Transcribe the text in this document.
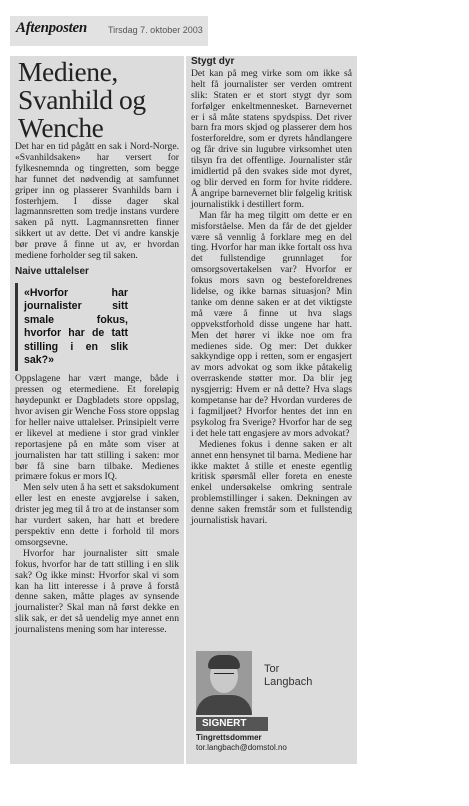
Aftenposten Tirsdag 7. oktober 2003
Mediene, Svanhild og Wenche

Det har en tid pågått en sak i Nord-Norge. «Svanhildsaken» har versert for fylkesnemnda og tingretten, som begge har funnet det nødvendig at samfunnet griper inn og plasserer Svanhilds barn i fosterhjem. I disse dager skal lagmannsretten som tredje instans vurdere saken på nytt. Lagmannsretten finner sikkert ut av dette. Det vi andre kanskje bør prøve å finne ut av, er hvordan mediene forholder seg til saken.

Naive uttalelser

«Hvorfor har journalister sitt smale fokus, hvorfor har de tatt stilling i en slik sak?»
Oppslagene har vært mange, både i pressen og etermediene. Et foreløpig høydepunkt er Dagbladets store oppslag, hvor avisen gir Wenche Foss store oppslag for heller naive uttalelser. Prinsipielt verre er likevel at mediene i stor grad vinkler reportasjene på en måte som viser at journalisten har tatt stilling i saken: mor bør få sine barn tilbake. Medienes primære fokus er mors IQ.

Men selv uten å ha sett et saksdokument eller lest en eneste avgjørelse i saken, drister jeg meg til å tro at de instanser som har vurdert saken, har hatt et bredere perspektiv enn dette i forhold til mors omsorgsevne.

Hvorfor har journalister sitt smale fokus, hvorfor har de tatt stilling i en slik sak? Og ikke minst: Hvorfor skal vi som kan ha litt interesse i å prøve å forstå denne saken, måtte plages av synsende journalister? Skal man nå først dekke en slik sak, er det så uendelig mye annet enn journalistens mening som har interesse.

Stygt dyr

Det kan på meg virke som om ikke så helt få journalister ser verden omtrent slik: Staten er et stort stygt dyr som forfølger enkeltmennesket. Barnevernet er i så måte statens spydspiss. Det river barn fra mors skjød og plasserer dem hos fosterforeldre, som er dyrets håndlangere og får drive sin lugubre virksomhet uten tilsyn fra det offentlige. Journalister står imidlertid på den svakes side mot dyret, og blir derved en form for hvite riddere. Å angripe barnevernet blir følgelig kritisk journalistikk i destillert form.

Man får ha meg tilgitt om dette er en misforståelse. Men da får de det gjelder være så vennlig å forklare meg en del ting. Hvorfor har man ikke fortalt oss hva det fullstendige grunnlaget for omsorgsovertakelsen var? Hvorfor er fokus mors savn og besteforeldrenes lidelse, og ikke barnas situasjon? Min tanke om denne saken er at det viktigste må være å finne ut hva slags oppvekstforhold disse ungene har hatt. Men det hører vi ikke noe om fra medienes side. Og mer: Det dukker sakkyndige opp i retten, som er engasjert av mors advokat og som ikke påtakelig overraskende støtter mor. Da blir jeg nysgjerrig: Hvem er nå dette? Hva slags kompetanse har de? Hvordan vurderes de i fagmiljøet? Hvorfor hentes det inn en psykolog fra Sverige? Hvorfor har de seg i det hele tatt engasjere av mors advokat?

Medienes fokus i denne saken er alt annet enn hensynet til barna. Mediene har ikke maktet å stille et eneste egentlig kritisk spørsmål eller foreta en eneste enkel undersøkelse omkring sentrale problemstillinger i saken. Dekningen av denne saken fremstår som et fullstendig journalistisk havari.

Tor
Langbach
SIGNERT
Tingrettsdommer
tor.langbach@domstol.no
